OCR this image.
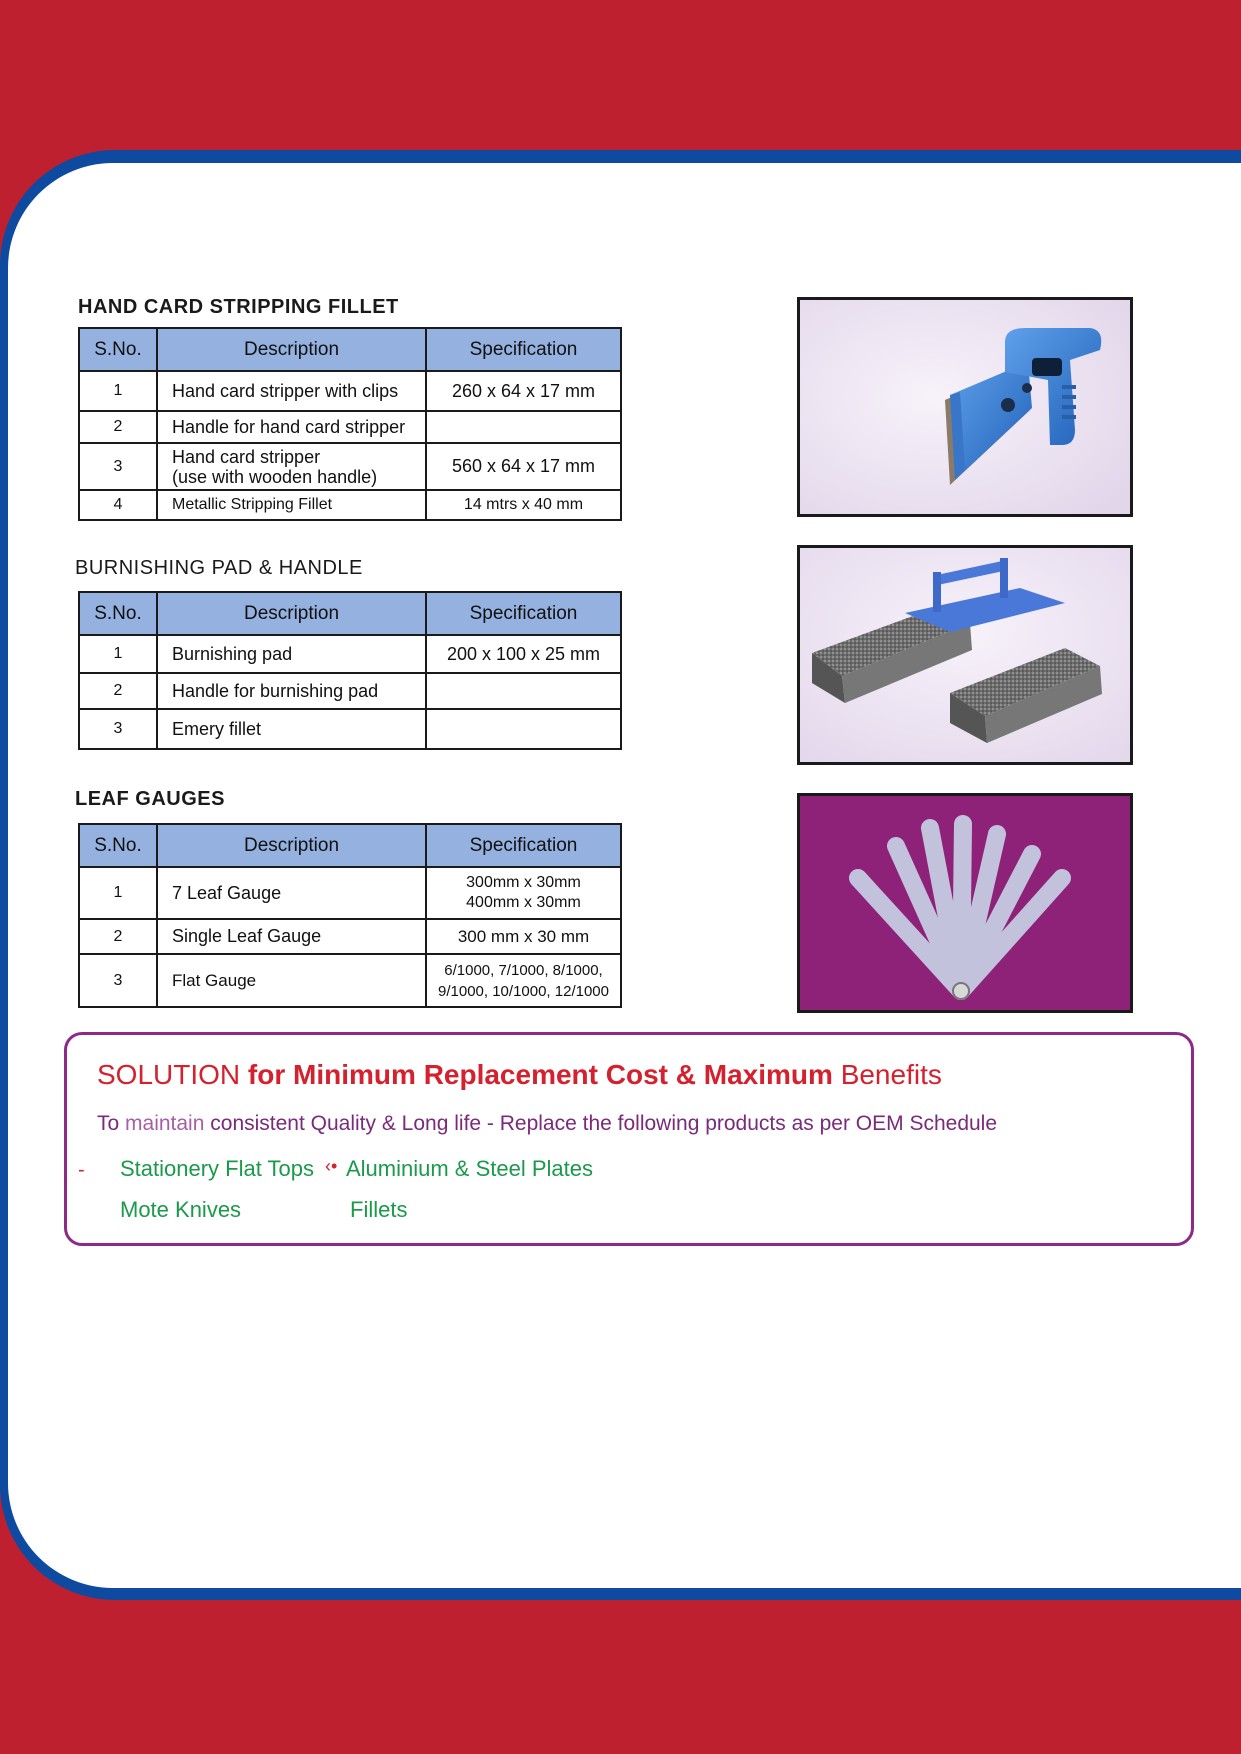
HAND CARD STRIPPING FILLET
S.No.	Description	Specification
1	Hand card stripper with clips	260 x 64 x 17 mm
2	Handle for hand card stripper	
3	Hand card stripper
(use with wooden handle)	560 x 64 x 17 mm
4	Metallic Stripping Fillet	14 mtrs x 40 mm
BURNISHING PAD & HANDLE
S.No.	Description	Specification
1	Burnishing pad	200 x 100 x 25 mm
2	Handle for burnishing pad	
3	Emery fillet	
LEAF GAUGES
S.No.	Description	Specification
1	7 Leaf Gauge	300mm x 30mm
400mm x 30mm

2	Single Leaf Gauge	300 mm x 30 mm
3	Flat Gauge	6/1000, 7/1000, 8/1000,
9/1000, 10/1000, 12/1000
SOLUTION for Minimum Replacement Cost & Maximum Benefits
To maintain consistent Quality & Long life - Replace the following products as per OEM Schedule
- Stationery Flat Tops ‹• Aluminium & Steel Plates
Mote Knives	Fillets
